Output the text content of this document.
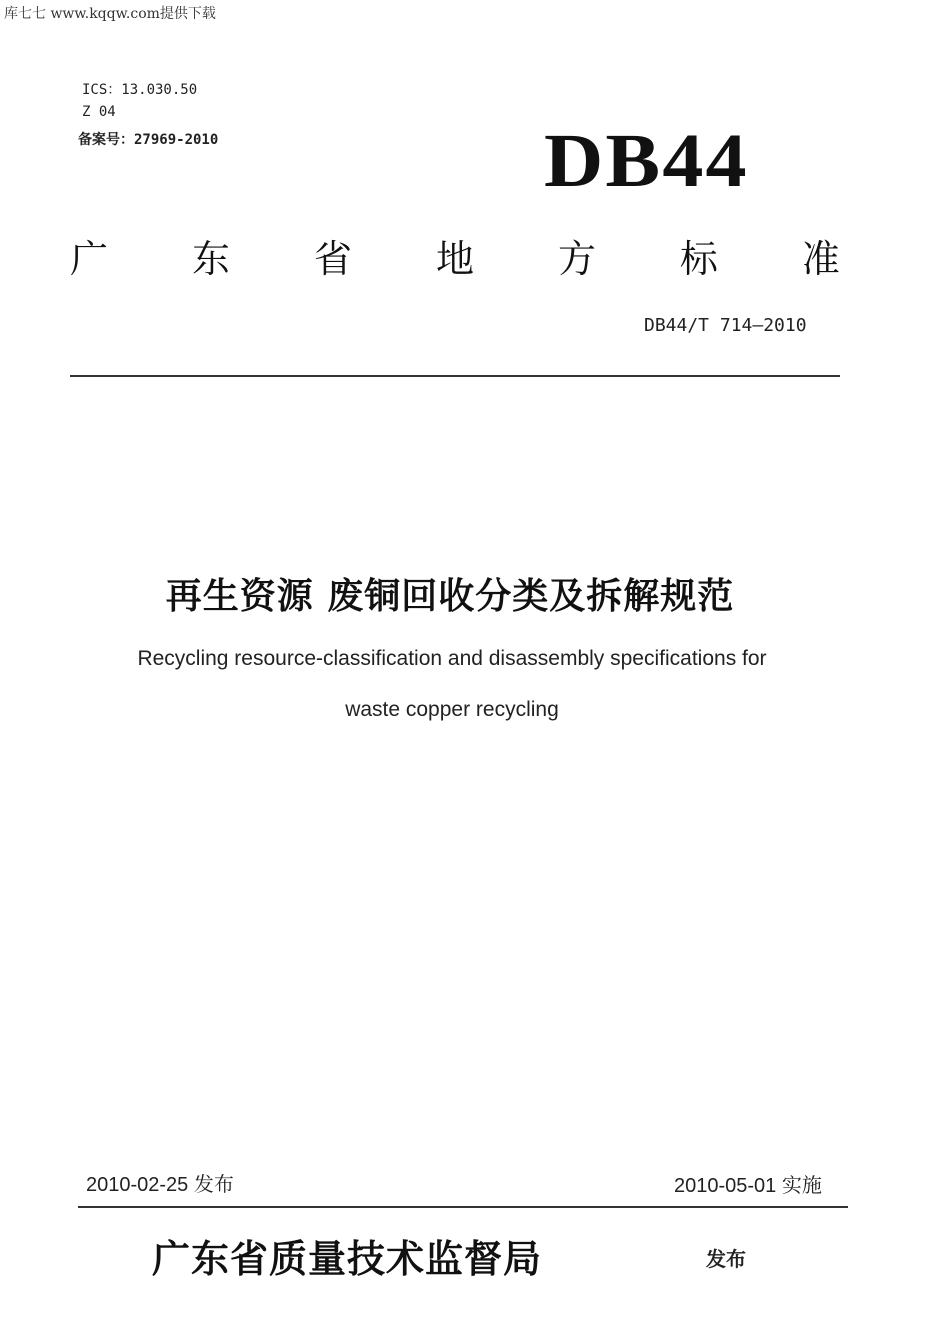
库七七 www.kqqw.com提供下载
ICS：13.030.50
Z 04
备案号：27969-2010	DB44
广 东 省 地 方 标 准
DB44/T 714—2010
再生资源 废铜回收分类及拆解规范
Recycling resource-classification and disassembly specifications for
waste copper recycling
2010-02-25 发布	2010-05-01 实施
广东省质量技术监督局	发布
